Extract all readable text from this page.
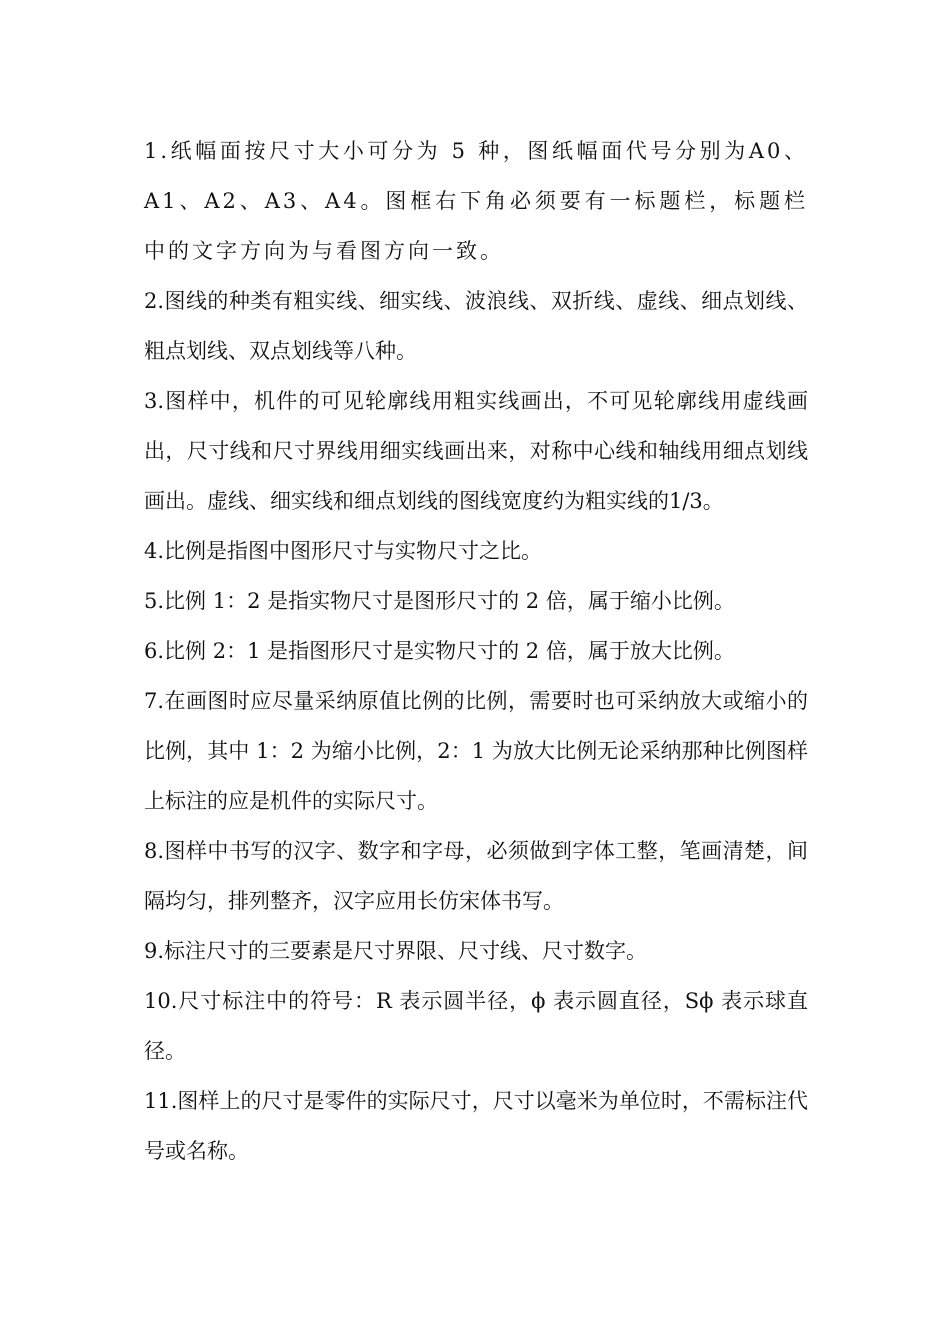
1.纸幅面按尺寸大小可分为 5 种，图纸幅面代号分别为A0、A1、A2、A3、A4。图框右下角必须要有一标题栏，标题栏中的文字方向为与看图方向一致。

2.图线的种类有粗实线、细实线、波浪线、双折线、虚线、细点划线、粗点划线、双点划线等八种。

3.图样中，机件的可见轮廓线用粗实线画出，不可见轮廓线用虚线画出，尺寸线和尺寸界线用细实线画出来，对称中心线和轴线用细点划线画出。虚线、细实线和细点划线的图线宽度约为粗实线的1/3。

4.比例是指图中图形尺寸与实物尺寸之比。

5.比例 1：2 是指实物尺寸是图形尺寸的 2 倍，属于缩小比例。

6.比例 2：1 是指图形尺寸是实物尺寸的 2 倍，属于放大比例。

7.在画图时应尽量采纳原值比例的比例，需要时也可采纳放大或缩小的比例，其中 1：2 为缩小比例，2：1 为放大比例无论采纳那种比例图样上标注的应是机件的实际尺寸。

8.图样中书写的汉字、数字和字母，必须做到字体工整，笔画清楚，间隔均匀，排列整齐，汉字应用长仿宋体书写。

9.标注尺寸的三要素是尺寸界限、尺寸线、尺寸数字。

10.尺寸标注中的符号：R 表示圆半径，ϕ 表示圆直径，Sϕ 表示球直径。

11.图样上的尺寸是零件的实际尺寸，尺寸以毫米为单位时，不需标注代号或名称。
